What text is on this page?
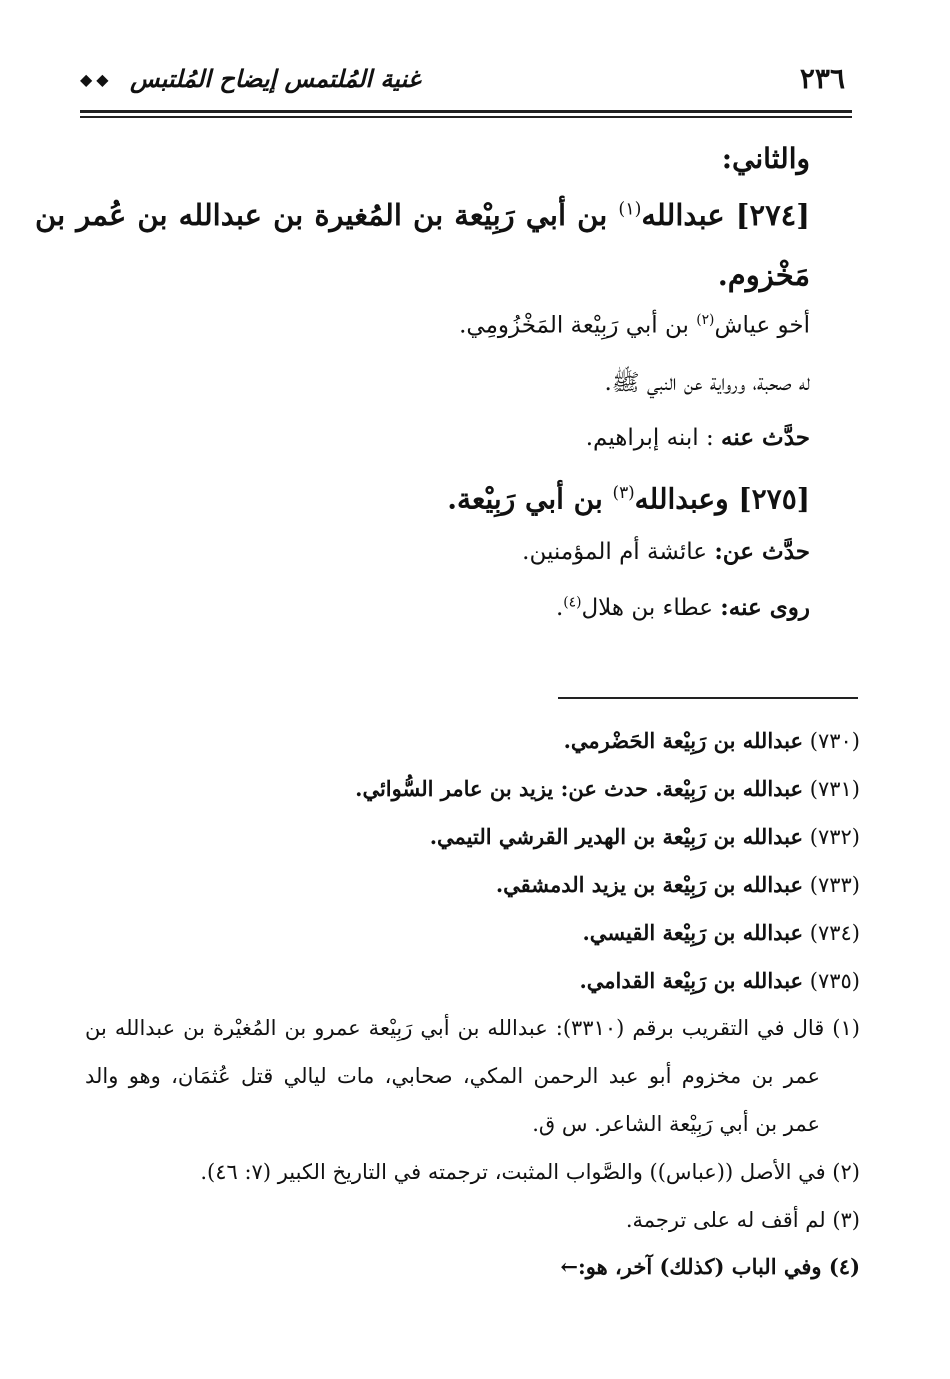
٢٣٦
غنية المُلتمس إيضاح المُلتبس
◆◆
والثاني:
[٢٧٤] عبدالله$^{(١)}$ بن أبي رَبِيْعة بن المُغيرة بن عبدالله بن عُمر بن
مَخْزوم.
أخو عياش$^{(٢)}$ بن أبي رَبِيْعة المَخْزُومِي.
له صحبة، ورواية عن النبي ﷺ.
حدَّث عنه : ابنه إبراهيم.
[٢٧٥] وعبدالله$^{(٣)}$ بن أبي رَبِيْعة.
حدَّث عن: عائشة أم المؤمنين.
روى عنه: عطاء بن هلال$^{(٤)}$.
(٧٣٠) عبدالله بن رَبِيْعة الحَضْرمي.
(٧٣١) عبدالله بن رَبِيْعة. حدث عن: يزيد بن عامر السُّوائي.
(٧٣٢) عبدالله بن رَبِيْعة بن الهدير القرشي التيمي.
(٧٣٣) عبدالله بن رَبِيْعة بن يزيد الدمشقي.
(٧٣٤) عبدالله بن رَبِيْعة القيسي.
(٧٣٥) عبدالله بن رَبِيْعة القدامي.
(١) قال في التقريب برقم (٣٣١٠): عبدالله بن أبي رَبِيْعة عمرو بن المُغيْرة بن عبدالله بن
عمر بن مخزوم أبو عبد الرحمن المكي، صحابي، مات ليالي قتل عُثمَان، وهو والد
عمر بن أبي رَبِيْعة الشاعر. س ق.
(٢) في الأصل ((عباس)) والصَّواب المثبت، ترجمته في التاريخ الكبير (٧: ٤٦).
(٣) لم أقف له على ترجمة.
(٤) وفي الباب (كذلك) آخر، هو:←
